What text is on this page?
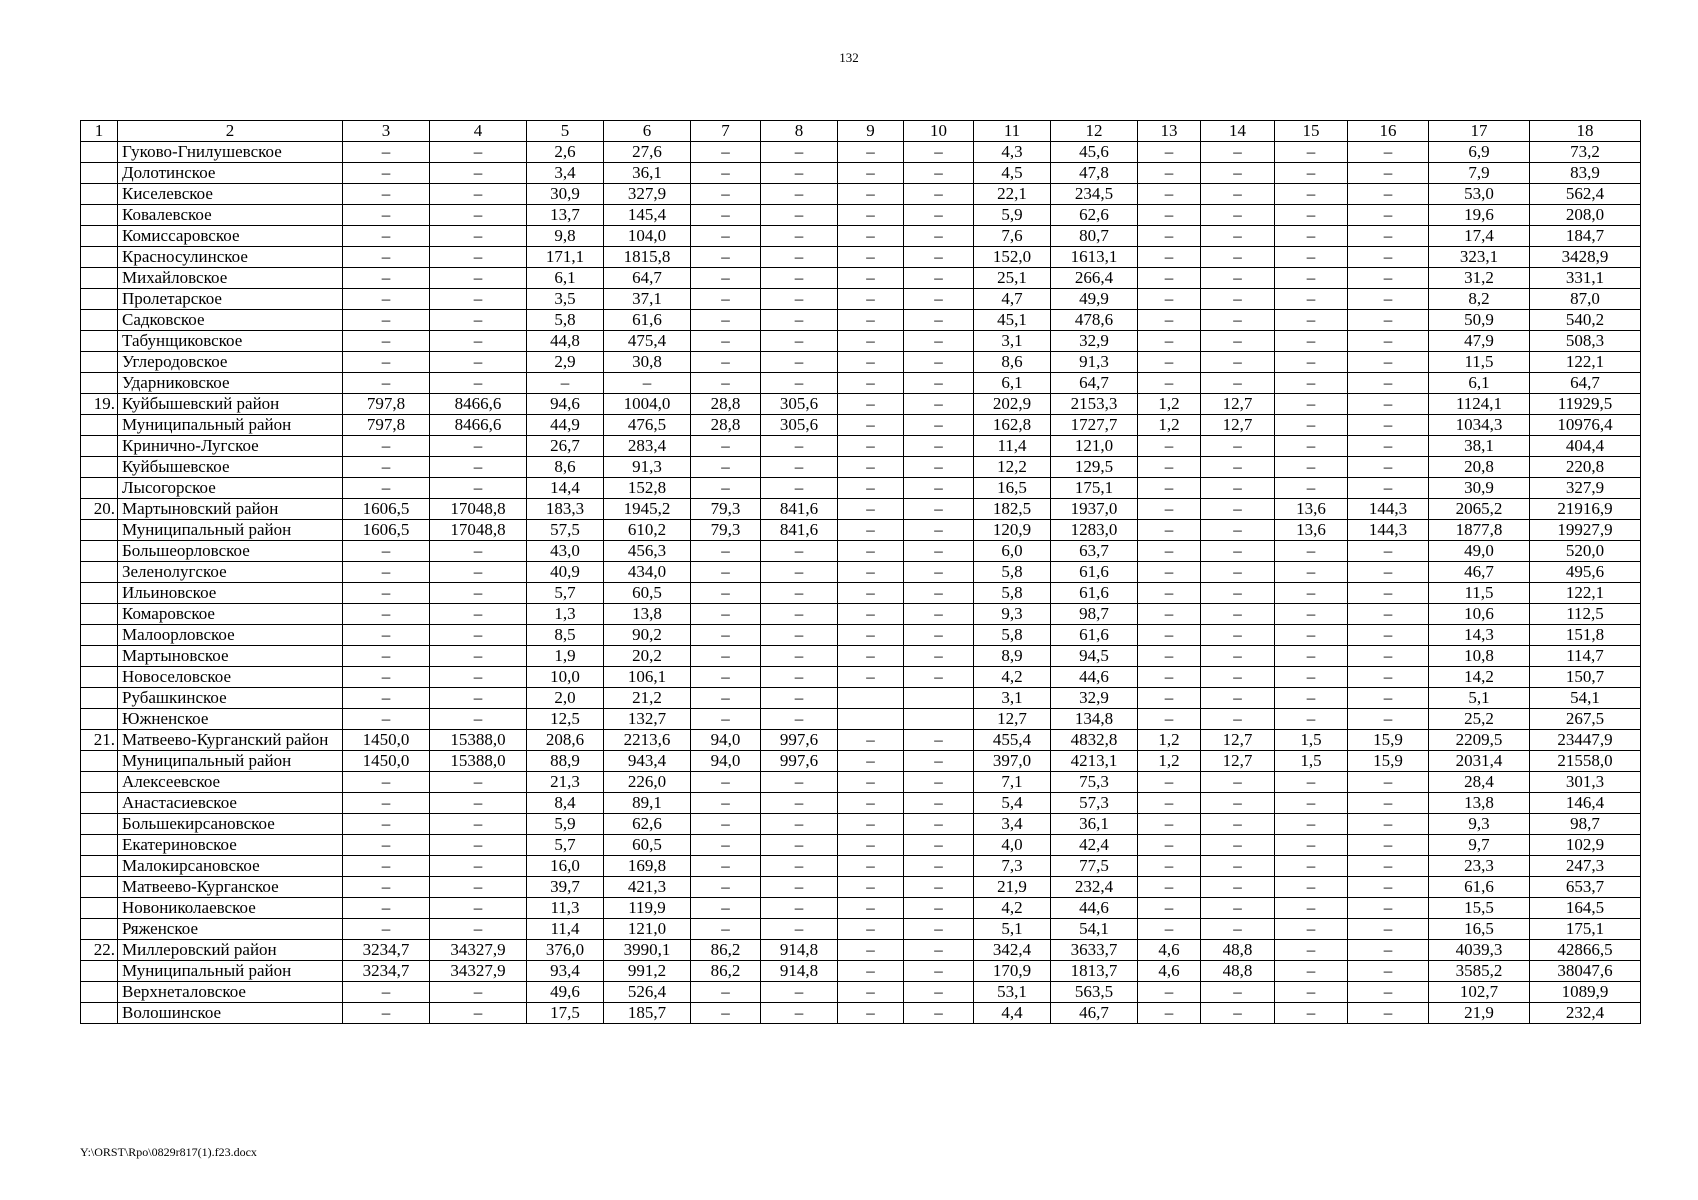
132
1	2	3	4	5	6	7	8	9	10	11	12	13	14	15	16	17	18
	Гуково-Гнилушевское	–	–	2,6	27,6	–	–	–	–	4,3	45,6	–	–	–	–	6,9	73,2
	Долотинское	–	–	3,4	36,1	–	–	–	–	4,5	47,8	–	–	–	–	7,9	83,9
	Киселевское	–	–	30,9	327,9	–	–	–	–	22,1	234,5	–	–	–	–	53,0	562,4
	Ковалевское	–	–	13,7	145,4	–	–	–	–	5,9	62,6	–	–	–	–	19,6	208,0
	Комиссаровское	–	–	9,8	104,0	–	–	–	–	7,6	80,7	–	–	–	–	17,4	184,7
	Красносулинское	–	–	171,1	1815,8	–	–	–	–	152,0	1613,1	–	–	–	–	323,1	3428,9
	Михайловское	–	–	6,1	64,7	–	–	–	–	25,1	266,4	–	–	–	–	31,2	331,1
	Пролетарское	–	–	3,5	37,1	–	–	–	–	4,7	49,9	–	–	–	–	8,2	87,0
	Садковское	–	–	5,8	61,6	–	–	–	–	45,1	478,6	–	–	–	–	50,9	540,2
	Табунщиковское	–	–	44,8	475,4	–	–	–	–	3,1	32,9	–	–	–	–	47,9	508,3
	Углеродовское	–	–	2,9	30,8	–	–	–	–	8,6	91,3	–	–	–	–	11,5	122,1
	Ударниковское	–	–	–	–	–	–	–	–	6,1	64,7	–	–	–	–	6,1	64,7
19.	Куйбышевский район	797,8	8466,6	94,6	1004,0	28,8	305,6	–	–	202,9	2153,3	1,2	12,7	–	–	1124,1	11929,5
	Муниципальный район	797,8	8466,6	44,9	476,5	28,8	305,6	–	–	162,8	1727,7	1,2	12,7	–	–	1034,3	10976,4
	Кринично-Лугское	–	–	26,7	283,4	–	–	–	–	11,4	121,0	–	–	–	–	38,1	404,4
	Куйбышевское	–	–	8,6	91,3	–	–	–	–	12,2	129,5	–	–	–	–	20,8	220,8
	Лысогорское	–	–	14,4	152,8	–	–	–	–	16,5	175,1	–	–	–	–	30,9	327,9
20.	Мартыновский район	1606,5	17048,8	183,3	1945,2	79,3	841,6	–	–	182,5	1937,0	–	–	13,6	144,3	2065,2	21916,9
	Муниципальный район	1606,5	17048,8	57,5	610,2	79,3	841,6	–	–	120,9	1283,0	–	–	13,6	144,3	1877,8	19927,9
	Большеорловское	–	–	43,0	456,3	–	–	–	–	6,0	63,7	–	–	–	–	49,0	520,0
	Зеленолугское	–	–	40,9	434,0	–	–	–	–	5,8	61,6	–	–	–	–	46,7	495,6
	Ильиновское	–	–	5,7	60,5	–	–	–	–	5,8	61,6	–	–	–	–	11,5	122,1
	Комаровское	–	–	1,3	13,8	–	–	–	–	9,3	98,7	–	–	–	–	10,6	112,5
	Малоорловское	–	–	8,5	90,2	–	–	–	–	5,8	61,6	–	–	–	–	14,3	151,8
	Мартыновское	–	–	1,9	20,2	–	–	–	–	8,9	94,5	–	–	–	–	10,8	114,7
	Новоселовское	–	–	10,0	106,1	–	–	–	–	4,2	44,6	–	–	–	–	14,2	150,7
	Рубашкинское	–	–	2,0	21,2	–	–			3,1	32,9	–	–	–	–	5,1	54,1
	Южненское	–	–	12,5	132,7	–	–			12,7	134,8	–	–	–	–	25,2	267,5
21.	Матвеево-Курганский район	1450,0	15388,0	208,6	2213,6	94,0	997,6	–	–	455,4	4832,8	1,2	12,7	1,5	15,9	2209,5	23447,9
	Муниципальный район	1450,0	15388,0	88,9	943,4	94,0	997,6	–	–	397,0	4213,1	1,2	12,7	1,5	15,9	2031,4	21558,0
	Алексеевское	–	–	21,3	226,0	–	–	–	–	7,1	75,3	–	–	–	–	28,4	301,3
	Анастасиевское	–	–	8,4	89,1	–	–	–	–	5,4	57,3	–	–	–	–	13,8	146,4
	Большекирсановское	–	–	5,9	62,6	–	–	–	–	3,4	36,1	–	–	–	–	9,3	98,7
	Екатериновское	–	–	5,7	60,5	–	–	–	–	4,0	42,4	–	–	–	–	9,7	102,9
	Малокирсановское	–	–	16,0	169,8	–	–	–	–	7,3	77,5	–	–	–	–	23,3	247,3
	Матвеево-Курганское	–	–	39,7	421,3	–	–	–	–	21,9	232,4	–	–	–	–	61,6	653,7
	Новониколаевское	–	–	11,3	119,9	–	–	–	–	4,2	44,6	–	–	–	–	15,5	164,5
	Ряженское	–	–	11,4	121,0	–	–	–	–	5,1	54,1	–	–	–	–	16,5	175,1
22.	Миллеровский район	3234,7	34327,9	376,0	3990,1	86,2	914,8	–	–	342,4	3633,7	4,6	48,8	–	–	4039,3	42866,5
	Муниципальный район	3234,7	34327,9	93,4	991,2	86,2	914,8	–	–	170,9	1813,7	4,6	48,8	–	–	3585,2	38047,6
	Верхнеталовское	–	–	49,6	526,4	–	–	–	–	53,1	563,5	–	–	–	–	102,7	1089,9
	Волошинское	–	–	17,5	185,7	–	–	–	–	4,4	46,7	–	–	–	–	21,9	232,4
Y:\ORST\Rpo\0829r817(1).f23.docx
